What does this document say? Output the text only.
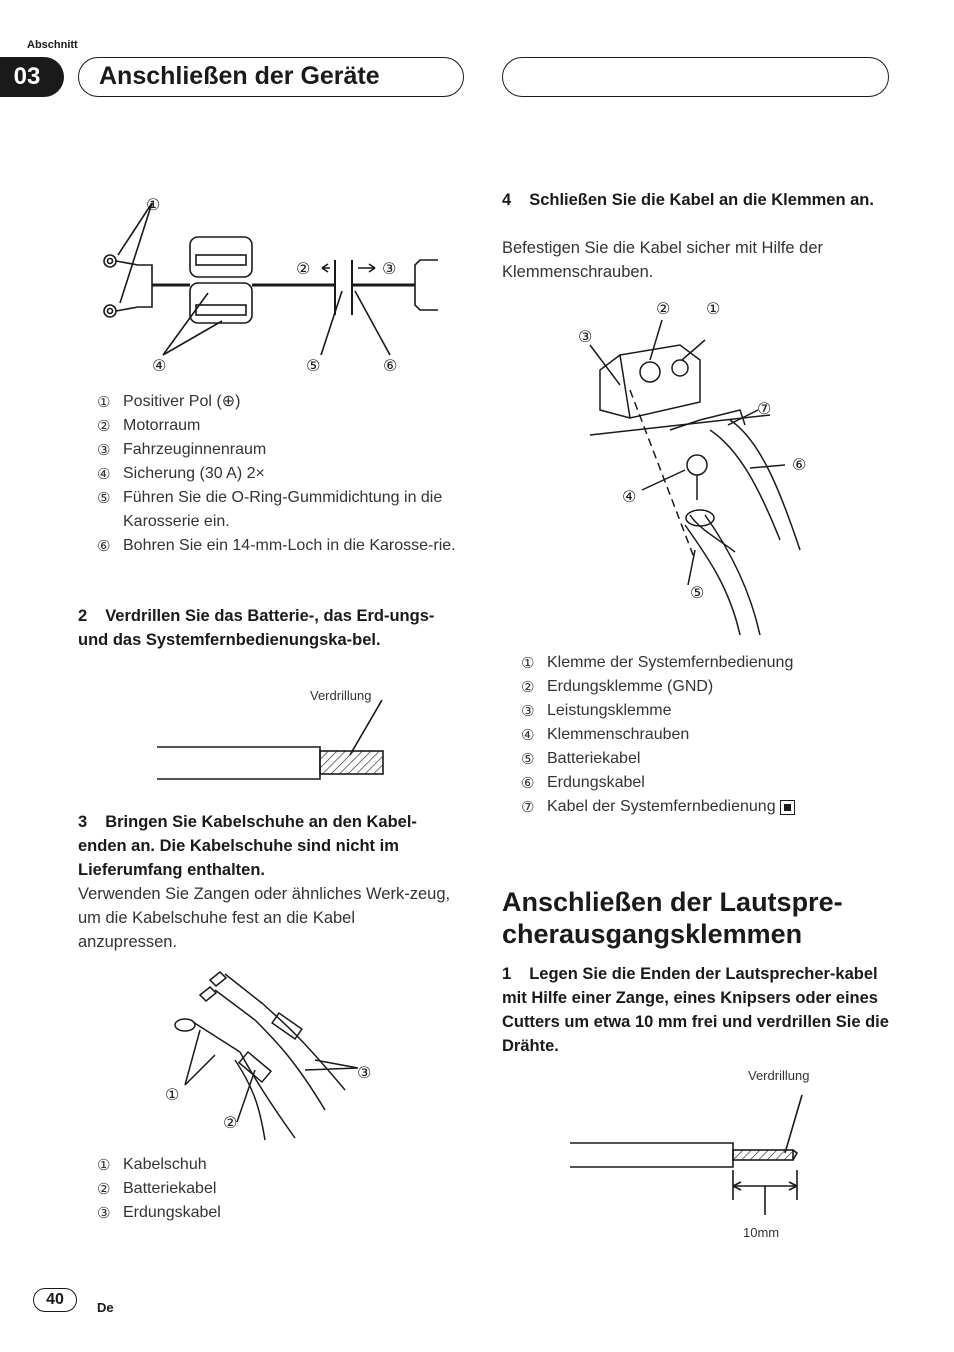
Abschnitt
03	Anschließen der Geräte
①
②	③
④	⑤	⑥
① Positiver Pol (⊕)
② Motorraum
③ Fahrzeuginnenraum
④ Sicherung (30 A) 2×
⑤ Führen Sie die O-Ring-Gummidichtung in die Karosserie ein.
⑥ Bohren Sie ein 14-mm-Loch in die Karosse-rie.
2 Verdrillen Sie das Batterie-, das Erd-ungs- und das Systemfernbedienungska-bel.
Verdrillung
3 Bringen Sie Kabelschuhe an den Kabel-enden an. Die Kabelschuhe sind nicht im Lieferumfang enthalten.
Verwenden Sie Zangen oder ähnliches Werk-zeug, um die Kabelschuhe fest an die Kabel anzupressen.
①
②
③
① Kabelschuh
② Batteriekabel
③ Erdungskabel
4 Schließen Sie die Kabel an die Klemmen an.
Befestigen Sie die Kabel sicher mit Hilfe der Klemmenschrauben.
①
②
③
④
⑤
⑥
⑦
① Klemme der Systemfernbedienung
② Erdungsklemme (GND)
③ Leistungsklemme
④ Klemmenschrauben
⑤ Batteriekabel
⑥ Erdungskabel
⑦ Kabel der Systemfernbedienung
Anschließen der Lautspre-cherausgangsklemmen
1 Legen Sie die Enden der Lautsprecher-kabel mit Hilfe einer Zange, eines Knipsers oder eines Cutters um etwa 10 mm frei und verdrillen Sie die Drähte.
Verdrillung
10mm
40	De
